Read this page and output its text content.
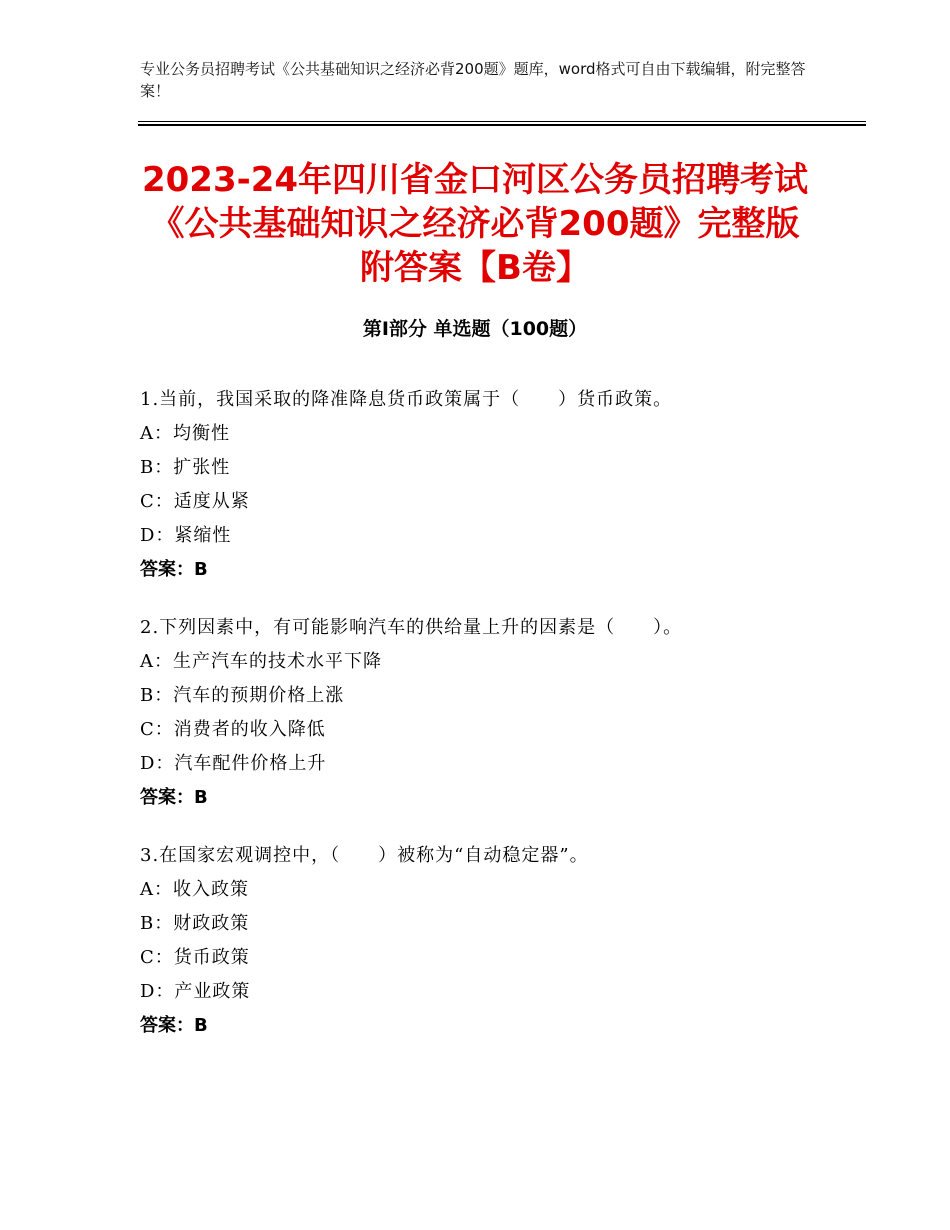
专业公务员招聘考试《公共基础知识之经济必背200题》题库，word格式可自由下载编辑，附完整答案！
2023-24年四川省金口河区公务员招聘考试
《公共基础知识之经济必背200题》完整版
附答案【B卷】
第Ⅰ部分 单选题（100题）
1.当前，我国采取的降准降息货币政策属于（　　）货币政策。
A：均衡性
B：扩张性
C：适度从紧
D：紧缩性
答案：B
2.下列因素中，有可能影响汽车的供给量上升的因素是（　　）。
A：生产汽车的技术水平下降
B：汽车的预期价格上涨
C：消费者的收入降低
D：汽车配件价格上升
答案：B
3.在国家宏观调控中，（　　）被称为“自动稳定器”。
A：收入政策
B：财政政策
C：货币政策
D：产业政策
答案：B
